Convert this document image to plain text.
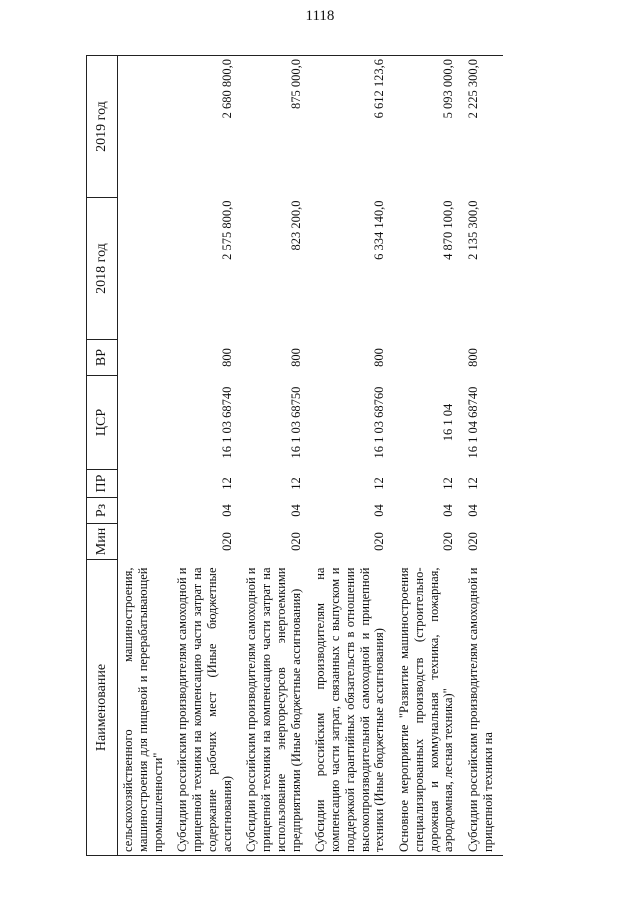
1118
Наименование	Мин	Рз	ПР	ЦСР	ВР	2018 год	2019 год
сельскохозяйственного машиностроения, машиностроения для пищевой и перерабатывающей промышленности"							
Субсидии российским производителям самоходной и прицепной техники на компенсацию части затрат на содержание рабочих мест (Иные бюджетные ассигнования)	020	04	12	16 1 03 68740	800	2 575 800,0	2 680 800,0
Субсидии российским производителям самоходной и прицепной техники на компенсацию части затрат на использование энергоресурсов энергоемкими предприятиями (Иные бюджетные ассигнования)	020	04	12	16 1 03 68750	800	823 200,0	875 000,0
Субсидии российским производителям на компенсацию части затрат, связанных с выпуском и поддержкой гарантийных обязательств в отношении высокопроизводительной самоходной и прицепной техники (Иные бюджетные ассигнования)	020	04	12	16 1 03 68760	800	6 334 140,0	6 612 123,6
Основное мероприятие "Развитие машиностроения специализированных производств (строительно-дорожная и коммунальная техника, пожарная, аэродромная, лесная техника)"	020	04	12	16 1 04		4 870 100,0	5 093 000,0
Субсидии российским производителям самоходной и прицепной техники на	020	04	12	16 1 04 68740	800	2 135 300,0	2 225 300,0
